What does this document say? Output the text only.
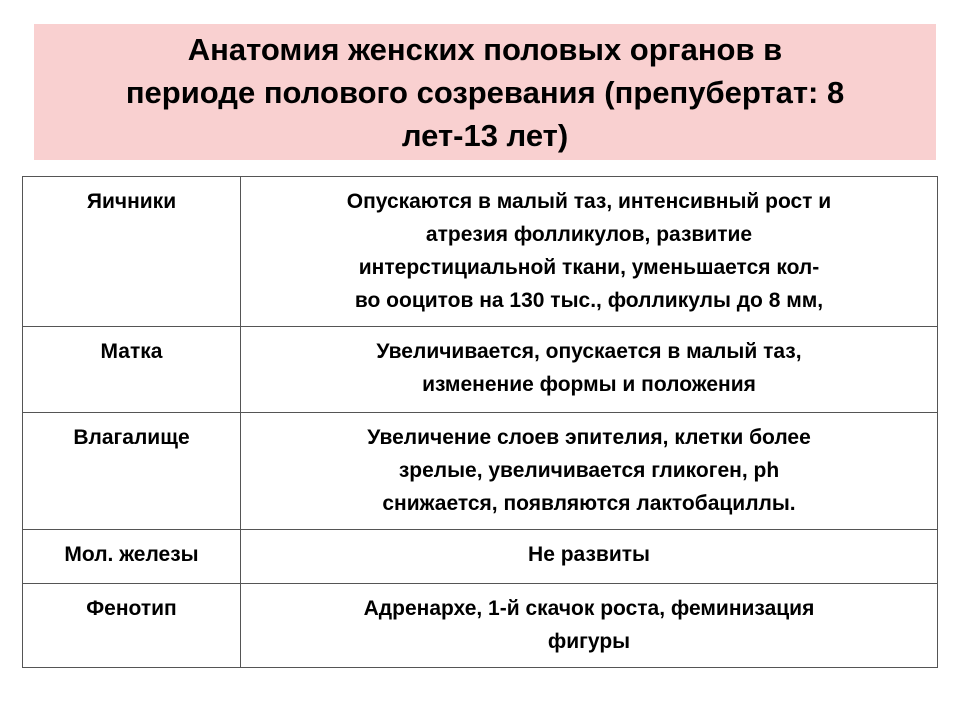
Анатомия женских половых органов в
периоде полового созревания (препубертат: 8
лет-13 лет)
Яичники	Опускаются в малый таз, интенсивный рост и
атрезия фолликулов, развитие
интерстициальной ткани, уменьшается кол-
во ооцитов на 130 тыс., фолликулы до 8 мм,

Матка	Увеличивается, опускается в малый таз,
изменение формы и положения

Влагалище	Увеличение слоев эпителия, клетки более
зрелые, увеличивается гликоген, ph
снижается, появляются лактобациллы.

Мол. железы	Не развиты

Фенотип	Адренархе, 1-й скачок роста, феминизация
фигуры
